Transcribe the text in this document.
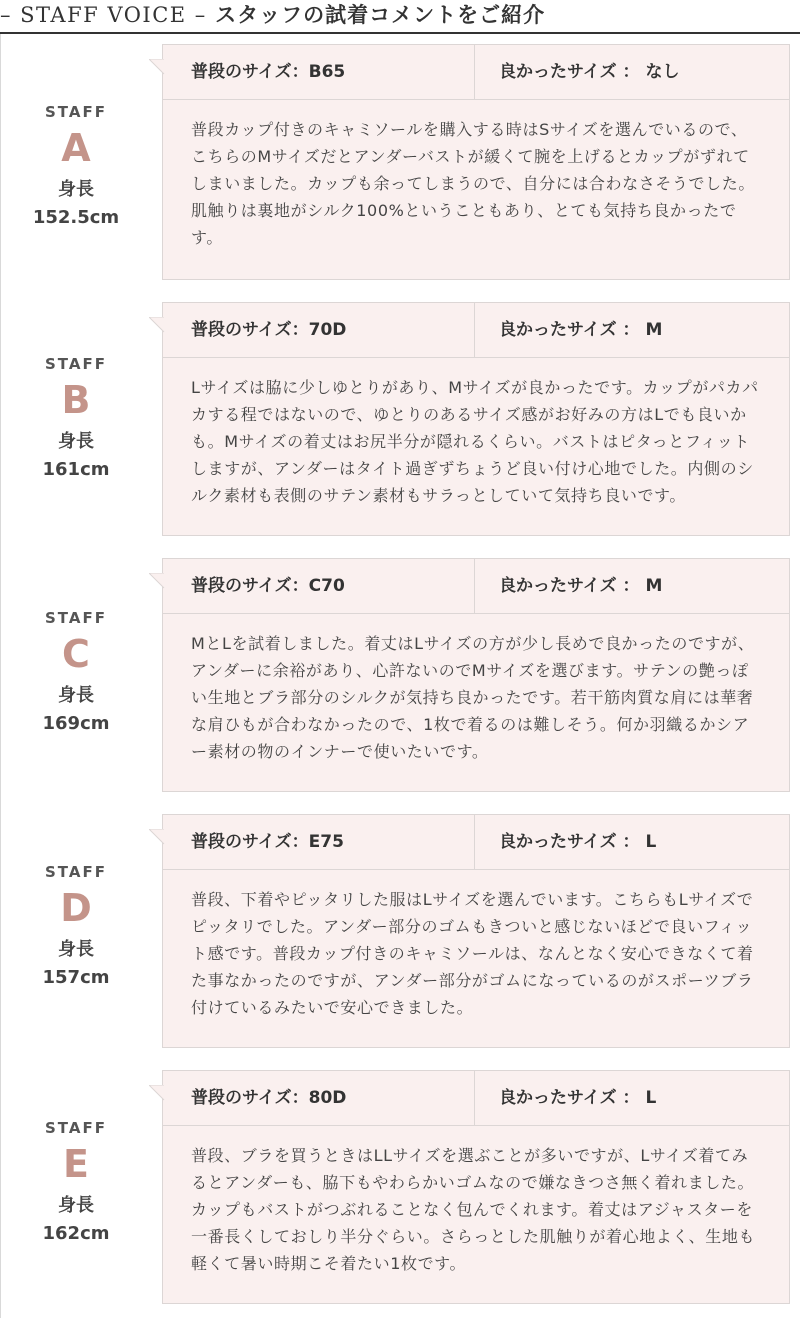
– STAFF VOICE – スタッフの試着コメントをご紹介
STAFF
A
身長
152.5cm
普段のサイズ：B65	良かったサイズ ： なし
普段カップ付きのキャミソールを購入する時はSサイズを選んでいるので、こちらのMサイズだとアンダーバストが緩くて腕を上げるとカップがずれてしまいました。カップも余ってしまうので、自分には合わなさそうでした。肌触りは裏地がシルク100%ということもあり、とても気持ち良かったです。
STAFF
B
身長
161cm
普段のサイズ：70D	良かったサイズ ： M
Lサイズは脇に少しゆとりがあり、Mサイズが良かったです。カップがパカパカする程ではないので、ゆとりのあるサイズ感がお好みの方はLでも良いかも。Mサイズの着丈はお尻半分が隠れるくらい。バストはピタっとフィットしますが、アンダーはタイト過ぎずちょうど良い付け心地でした。内側のシルク素材も表側のサテン素材もサラっとしていて気持ち良いです。
STAFF
C
身長
169cm
普段のサイズ：C70	良かったサイズ ： M
MとLを試着しました。着丈はLサイズの方が少し長めで良かったのですが、アンダーに余裕があり、心許ないのでMサイズを選びます。サテンの艶っぽい生地とブラ部分のシルクが気持ち良かったです。若干筋肉質な肩には華奢な肩ひもが合わなかったので、1枚で着るのは難しそう。何か羽織るかシアー素材の物のインナーで使いたいです。
STAFF
D
身長
157cm
普段のサイズ：E75	良かったサイズ ： L
普段、下着やピッタリした服はLサイズを選んでいます。こちらもLサイズでピッタリでした。アンダー部分のゴムもきついと感じないほどで良いフィット感です。普段カップ付きのキャミソールは、なんとなく安心できなくて着た事なかったのですが、アンダー部分がゴムになっているのがスポーツブラ付けているみたいで安心できました。
STAFF
E
身長
162cm
普段のサイズ：80D	良かったサイズ ： L
普段、ブラを買うときはLLサイズを選ぶことが多いですが、Lサイズ着てみるとアンダーも、脇下もやわらかいゴムなので嫌なきつさ無く着れました。カップもバストがつぶれることなく包んでくれます。着丈はアジャスターを一番長くしておしり半分ぐらい。さらっとした肌触りが着心地よく、生地も軽くて暑い時期こそ着たい1枚です。
